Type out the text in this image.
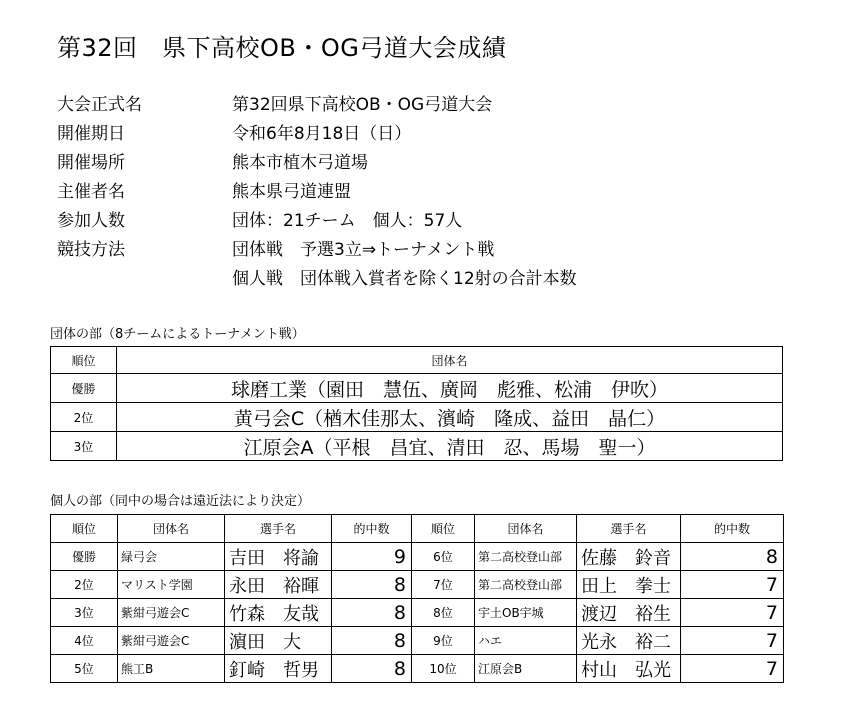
第32回　県下高校OB・OG弓道大会成績
大会正式名	第32回県下高校OB・OG弓道大会
開催期日	令和6年8月18日（日）
開催場所	熊本市植木弓道場
主催者名	熊本県弓道連盟
参加人数	団体：21チーム　個人：57人
競技方法	団体戦　予選3立⇒トーナメント戦
個人戦　団体戦入賞者を除く12射の合計本数
団体の部（8チームによるトーナメント戦）
順位	団体名
優勝	球磨工業（園田　慧伍、廣岡　彪雅、松浦　伊吹）
2位	黄弓会C（楢木佳那太、濱崎　隆成、益田　晶仁）
3位	江原会A（平根　昌宜、清田　忍、馬場　聖一）
個人の部（同中の場合は遠近法により決定）
順位	団体名	選手名	的中数	順位	団体名	選手名	的中数
優勝	緑弓会	吉田　将諭	9	6位	第二高校登山部	佐藤　鈴音	8
2位	マリスト学園	永田　裕暉	8	7位	第二高校登山部	田上　拳士	7
3位	紫紺弓遊会C	竹森　友哉	8	8位	宇土OB宇城	渡辺　裕生	7
4位	紫紺弓遊会C	濵田　大	8	9位	ハエ	光永　裕二	7
5位	熊工B	釘崎　哲男	8	10位	江原会B	村山　弘光	7
